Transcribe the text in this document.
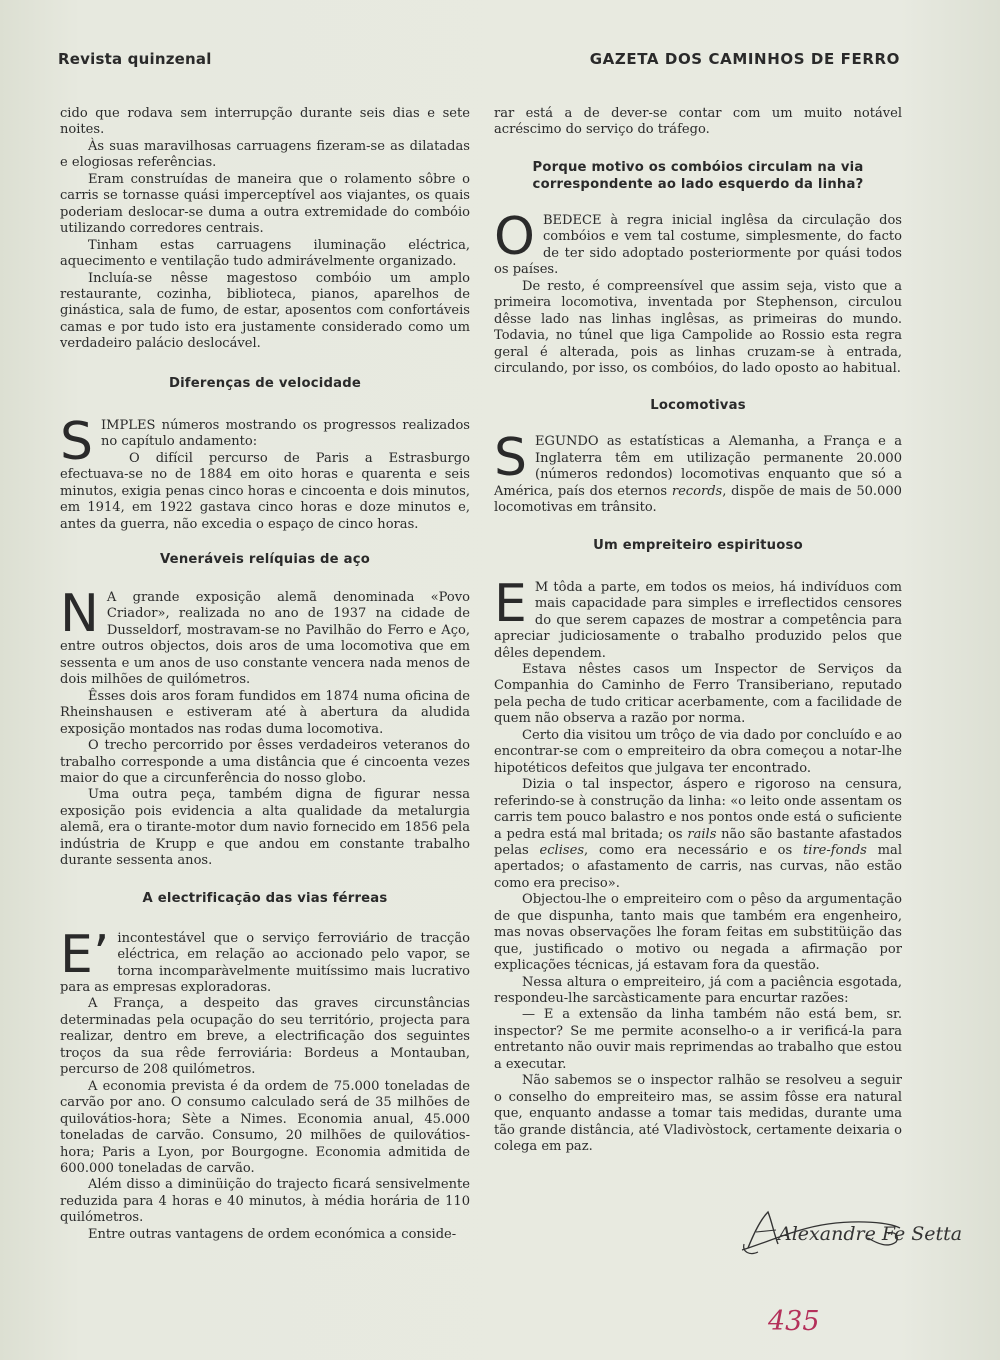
Revista quinzenal	GAZETA DOS CAMINHOS DE FERRO

cido que rodava sem interrupção durante seis dias e sete noites.

Às suas maravilhosas carruagens fizeram-se as dilatadas e elogiosas referências.

Eram construídas de maneira que o rolamento sôbre o carris se tornasse quási imperceptível aos viajantes, os quais poderiam deslocar-se duma a outra extremidade do combóio utilizando corredores centrais.

Tinham estas carruagens iluminação eléctrica, aquecimento e ventilação tudo admirávelmente organizado.

Incluía-se nêsse magestoso combóio um amplo restaurante, cozinha, biblioteca, pianos, aparelhos de ginástica, sala de fumo, de estar, aposentos com confortáveis camas e por tudo isto era justamente considerado como um verdadeiro palácio deslocável.

Diferenças de velocidade
S IMPLES números mostrando os progressos realizados no capítulo andamento:

O difícil percurso de Paris a Estrasburgo efectuava-se no de 1884 em oito horas e quarenta e seis minutos, exigia penas cinco horas e cincoenta e dois minutos, em 1914, em 1922 gastava cinco horas e doze minutos e, antes da guerra, não excedia o espaço de cinco horas.

Veneráveis relíquias de aço
N A grande exposição alemã denominada «Povo Criador», realizada no ano de 1937 na cidade de Dusseldorf, mostravam-se no Pavilhão do Ferro e Aço, entre outros objectos, dois aros de uma locomotiva que em sessenta e um anos de uso constante vencera nada menos de dois milhões de quilómetros.

Êsses dois aros foram fundidos em 1874 numa oficina de Rheinshausen e estiveram até à abertura da aludida exposição montados nas rodas duma locomotiva.

O trecho percorrido por êsses verdadeiros veteranos do trabalho corresponde a uma distância que é cincoenta vezes maior do que a circunferência do nosso globo.

Uma outra peça, também digna de figurar nessa exposição pois evidencia a alta qualidade da metalurgia alemã, era o tirante-motor dum navio fornecido em 1856 pela indústria de Krupp e que andou em constante trabalho durante sessenta anos.

A electrificação das vias férreas
E’ incontestável que o serviço ferroviário de tracção eléctrica, em relação ao accionado pelo vapor, se torna incomparàvelmente muitíssimo mais lucrativo para as empresas exploradoras.

A França, a despeito das graves circunstâncias determinadas pela ocupação do seu território, projecta para realizar, dentro em breve, a electrificação dos seguintes troços da sua rêde ferroviária: Bordeus a Montauban, percurso de 208 quilómetros.

A economia prevista é da ordem de 75.000 toneladas de carvão por ano. O consumo calculado será de 35 milhões de quilovátios-hora; Sète a Nimes. Economia anual, 45.000 toneladas de carvão. Consumo, 20 milhões de quilovátios-hora; Paris a Lyon, por Bourgogne. Economia admitida de 600.000 toneladas de carvão.

Além disso a diminüição do trajecto ficará sensivelmente reduzida para 4 horas e 40 minutos, à média horária de 110 quilómetros.

Entre outras vantagens de ordem económica a conside-

rar está a de dever-se contar com um muito notável acréscimo do serviço do tráfego.

Porque motivo os combóios circulam na via correspondente ao lado esquerdo da linha?
O BEDECE à regra inicial inglêsa da circulação dos combóios e vem tal costume, simplesmente, do facto de ter sido adoptado posteriormente por quási todos os países.

De resto, é compreensível que assim seja, visto que a primeira locomotiva, inventada por Stephenson, circulou dêsse lado nas linhas inglêsas, as primeiras do mundo. Todavia, no túnel que liga Campolide ao Rossio esta regra geral é alterada, pois as linhas cruzam-se à entrada, circulando, por isso, os combóios, do lado oposto ao habitual.

Locomotivas
S EGUNDO as estatísticas a Alemanha, a França e a Inglaterra têm em utilização permanente 20.000 (números redondos) locomotivas enquanto que só a América, país dos eternos records, dispõe de mais de 50.000 locomotivas em trânsito.

Um empreiteiro espirituoso
E M tôda a parte, em todos os meios, há indivíduos com mais capacidade para simples e irreflectidos censores do que serem capazes de mostrar a competência para apreciar judiciosamente o trabalho produzido pelos que dêles dependem.

Estava nêstes casos um Inspector de Serviços da Companhia do Caminho de Ferro Transiberiano, reputado pela pecha de tudo criticar acerbamente, com a facilidade de quem não observa a razão por norma.

Certo dia visitou um trôço de via dado por concluído e ao encontrar-se com o empreiteiro da obra começou a notar-lhe hipotéticos defeitos que julgava ter encontrado.

Dizia o tal inspector, áspero e rigoroso na censura, referindo-se à construção da linha: «o leito onde assentam os carris tem pouco balastro e nos pontos onde está o suficiente a pedra está mal britada; os rails não são bastante afastados pelas eclises, como era necessário e os tire-fonds mal apertados; o afastamento de carris, nas curvas, não estão como era preciso».

Objectou-lhe o empreiteiro com o pêso da argumentação de que dispunha, tanto mais que também era engenheiro, mas novas observações lhe foram feitas em substitüição das que, justificado o motivo ou negada a afirmação por explicações técnicas, já estavam fora da questão.

Nessa altura o empreiteiro, já com a paciência esgotada, respondeu-lhe sarcàsticamente para encurtar razões:

— E a extensão da linha também não está bem, sr. inspector? Se me permite aconselho-o a ir verificá-la para entretanto não ouvir mais reprimendas ao trabalho que estou a executar.

Não sabemos se o inspector ralhão se resolveu a seguir o conselho do empreiteiro mas, se assim fôsse era natural que, enquanto andasse a tomar tais medidas, durante uma tão grande distância, até Vladivòstock, certamente deixaria o colega em paz.

Alexandre Fe Setta
435
